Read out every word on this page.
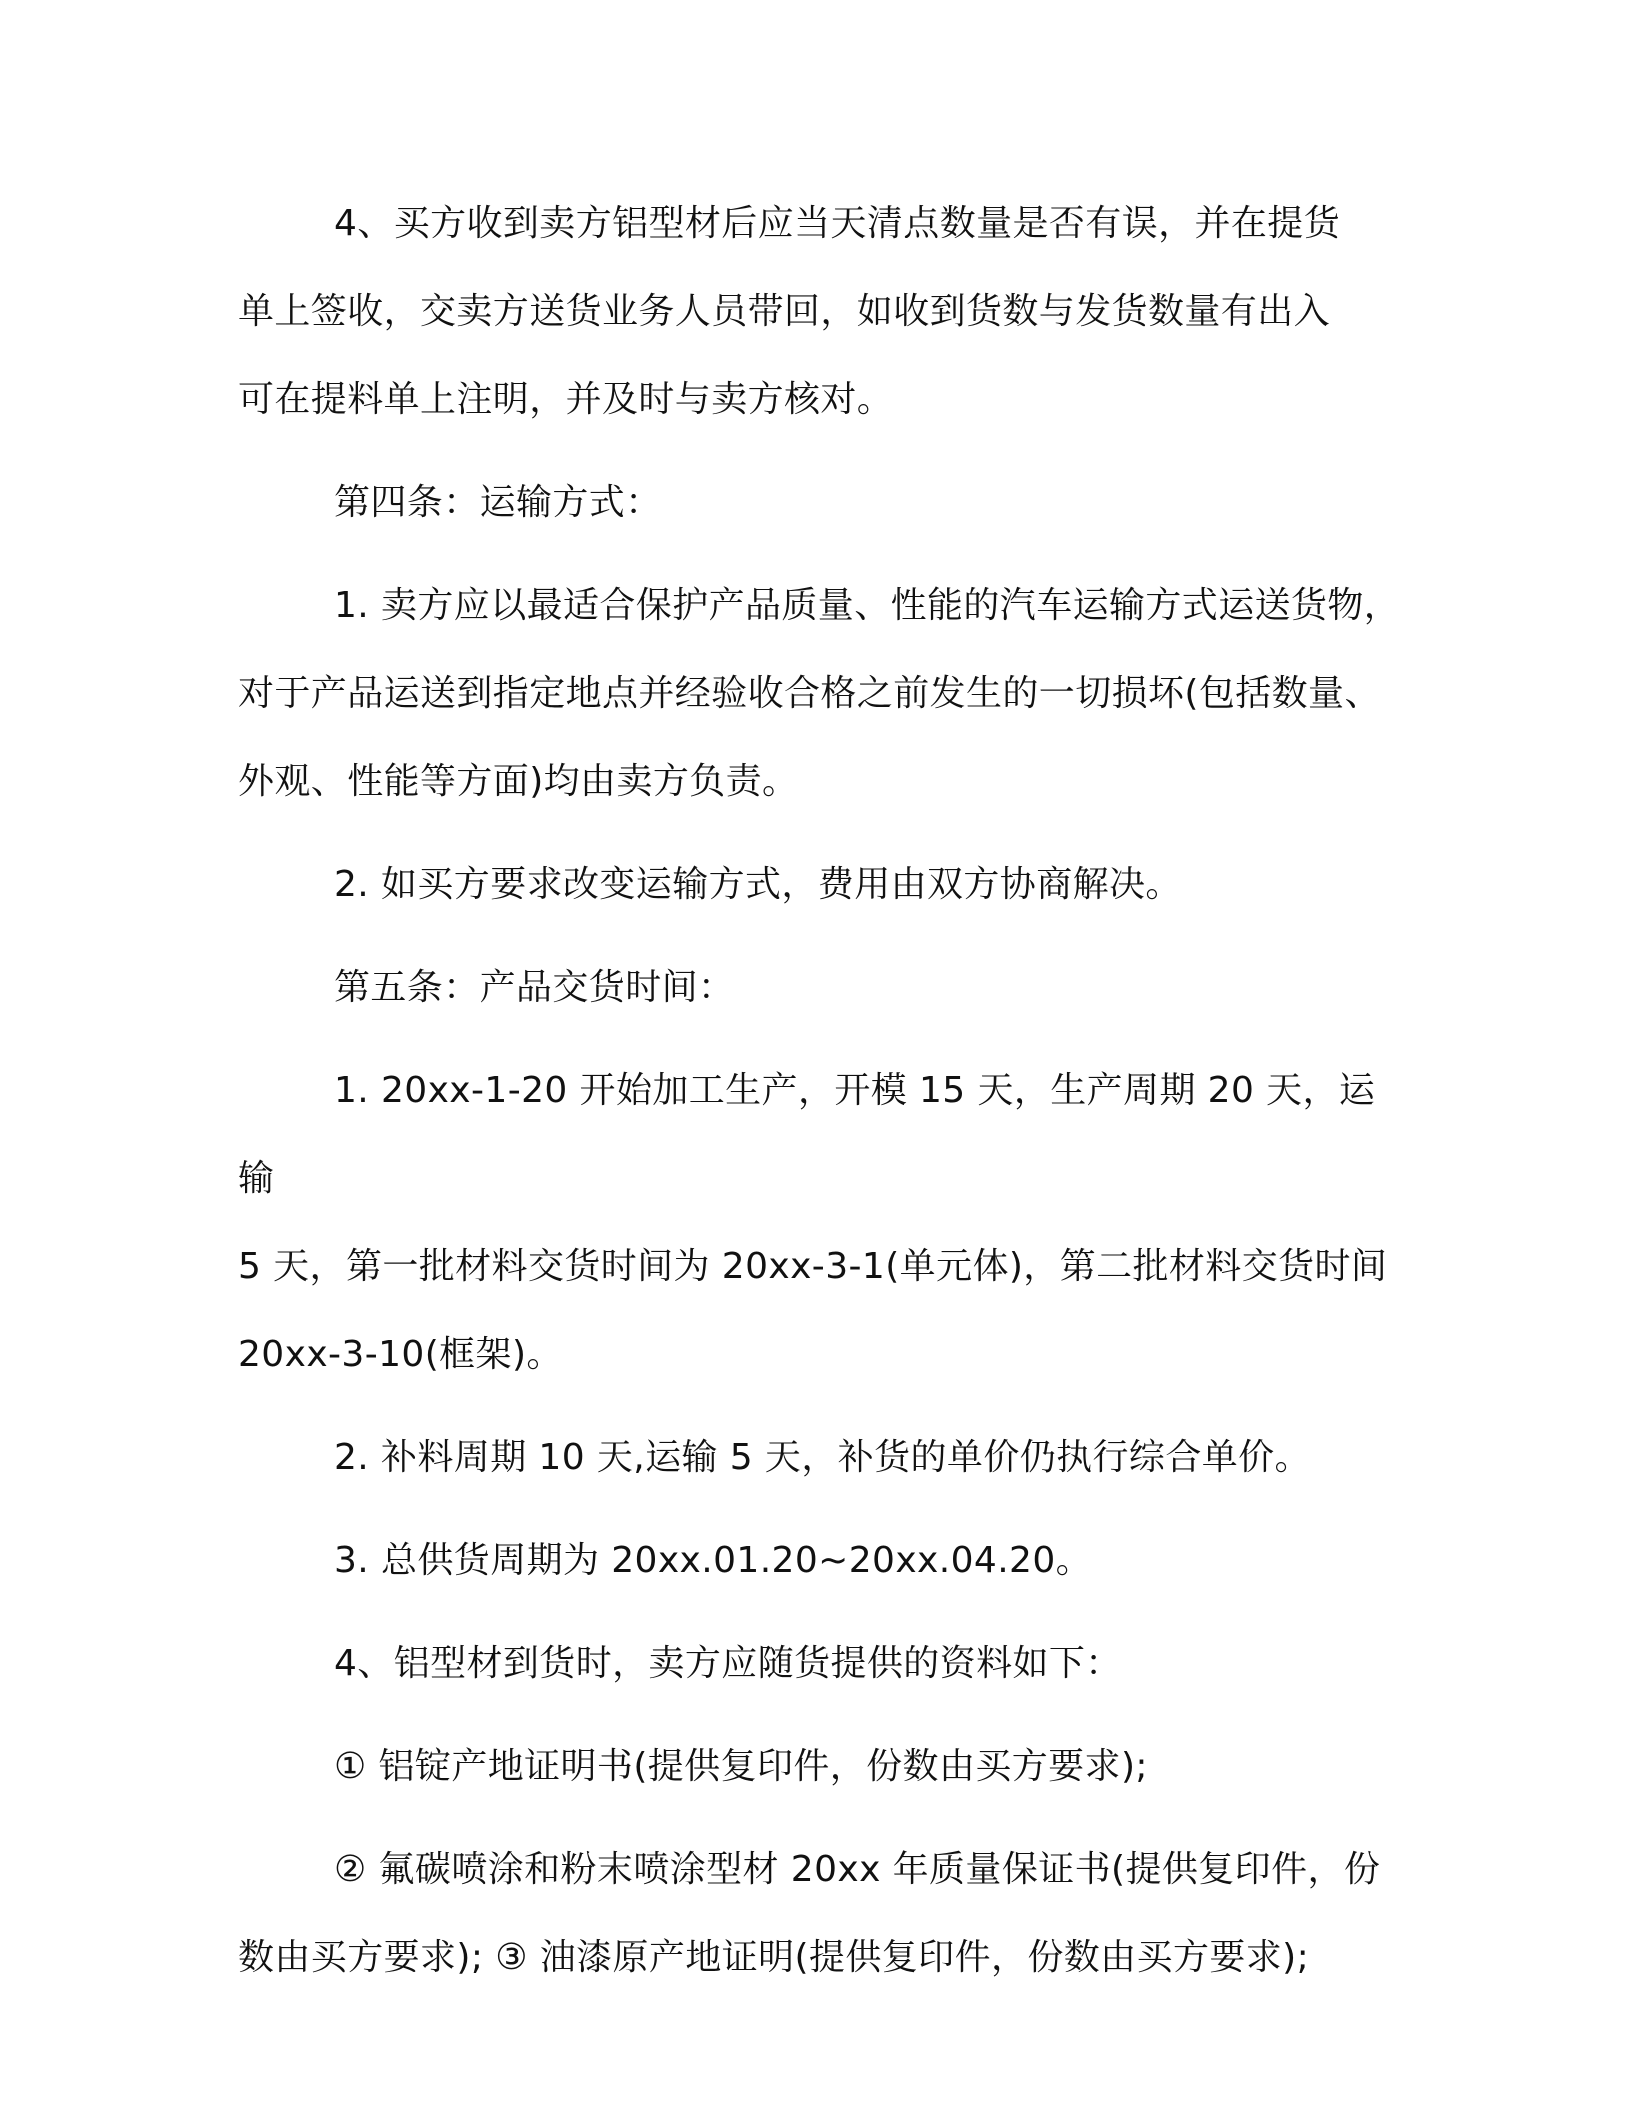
4、买方收到卖方铝型材后应当天清点数量是否有误，并在提货
单上签收，交卖方送货业务人员带回，如收到货数与发货数量有出入
可在提料单上注明，并及时与卖方核对。

第四条：运输方式：

1. 卖方应以最适合保护产品质量、性能的汽车运输方式运送货物，
对于产品运送到指定地点并经验收合格之前发生的一切损坏(包括数量、
外观、性能等方面)均由卖方负责。

2. 如买方要求改变运输方式，费用由双方协商解决。

第五条：产品交货时间：

1. 20xx-1-20 开始加工生产，开模 15 天，生产周期 20 天，运输
5 天，第一批材料交货时间为 20xx-3-1(单元体)，第二批材料交货时间
20xx-3-10(框架)。

2. 补料周期 10 天,运输 5 天，补货的单价仍执行综合单价。

3. 总供货周期为 20xx.01.20~20xx.04.20。

4、铝型材到货时，卖方应随货提供的资料如下：

① 铝锭产地证明书(提供复印件，份数由买方要求);

② 氟碳喷涂和粉末喷涂型材 20xx 年质量保证书(提供复印件，份
数由买方要求); ③ 油漆原产地证明(提供复印件，份数由买方要求);
